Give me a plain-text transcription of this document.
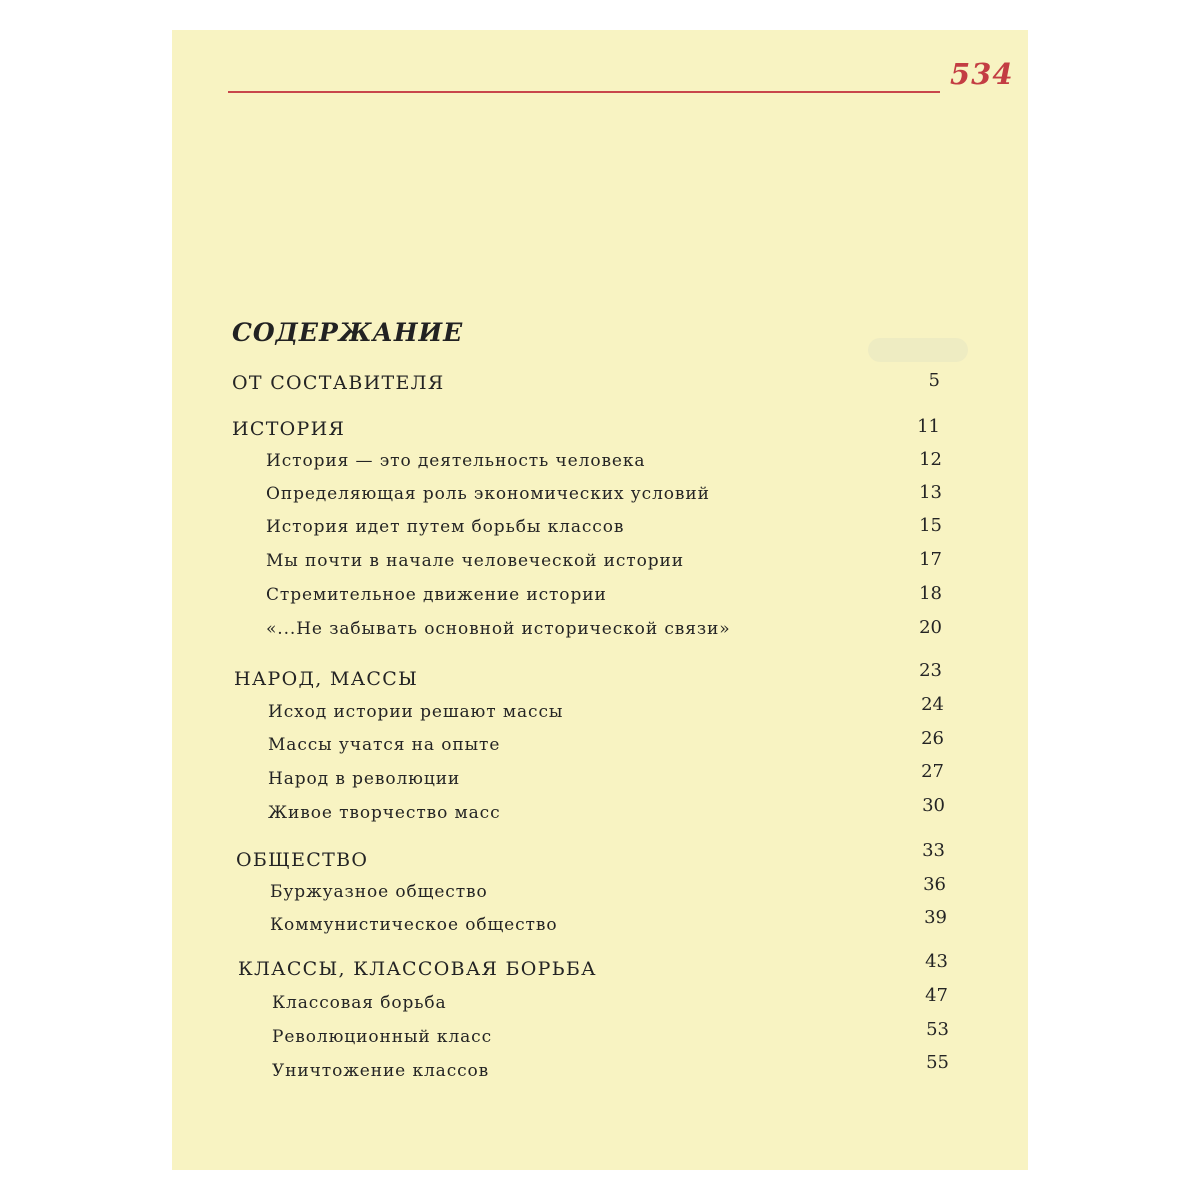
534
СОДЕРЖАНИЕ
ОТ СОСТАВИТЕЛЯ	5
ИСТОРИЯ	11
История — это деятельность человека	12
Определяющая роль экономических условий	13
История идет путем борьбы классов	15
Мы почти в начале человеческой истории	17
Стремительное движение истории	18
«...Не забывать основной исторической связи»	20
НАРОД, МАССЫ	23
Исход истории решают массы	24
Массы учатся на опыте	26
Народ в революции	27
Живое творчество масс	30
ОБЩЕСТВО	33
Буржуазное общество	36
Коммунистическое общество	39
КЛАССЫ, КЛАССОВАЯ БОРЬБА	43
Классовая борьба	47
Революционный класс	53
Уничтожение классов	55
